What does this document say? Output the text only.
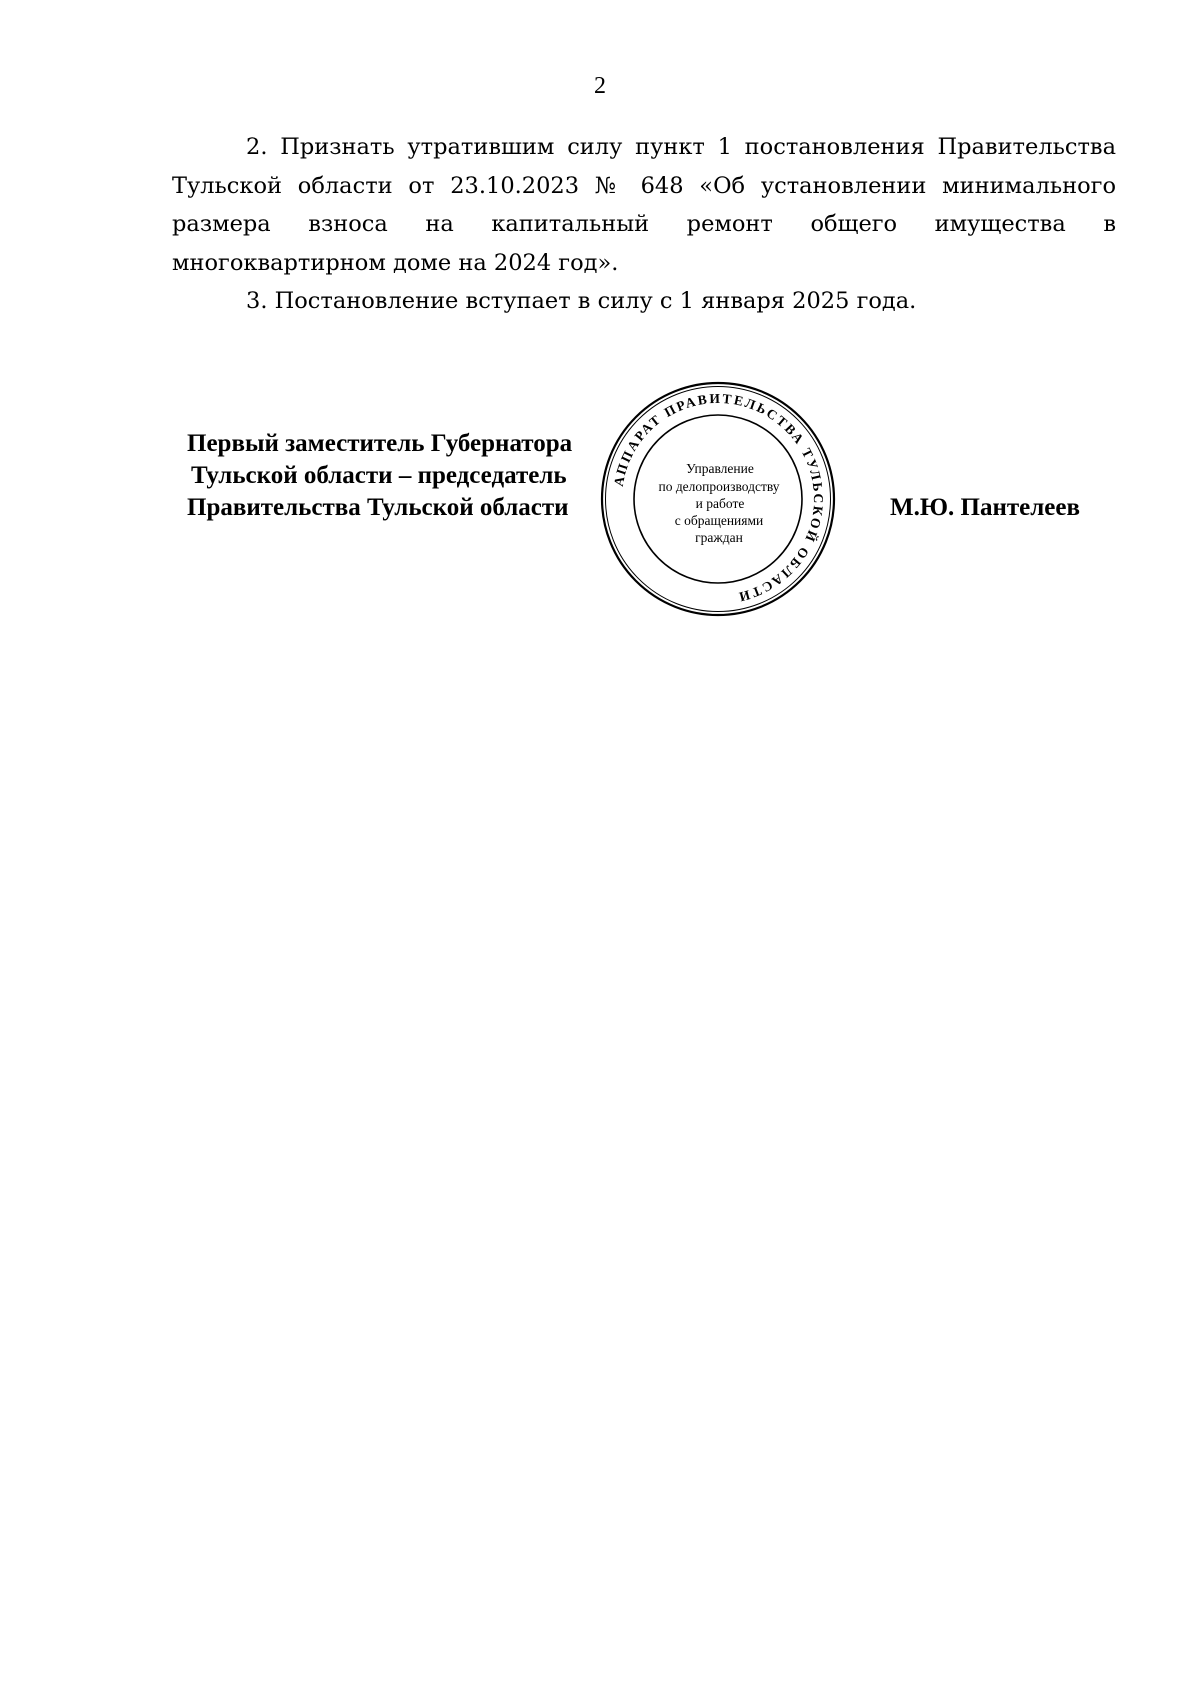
2

2. Признать утратившим силу пункт 1 постановления Правительства Тульской области от 23.10.2023 № 648 «Об установлении минимального размера взноса на капитальный ремонт общего имущества в многоквартирном доме на 2024 год».

3. Постановление вступает в силу с 1 января 2025 года.

Первый заместитель Губернатора
Тульской области – председатель
Правительства Тульской области	М.Ю. Пантелеев
АППАРАТ ПРАВИТЕЛЬСТВА ТУЛЬСКОЙ ОБЛАСТИ
Управление
по делопроизводству
и работе
с обращениями
граждан
